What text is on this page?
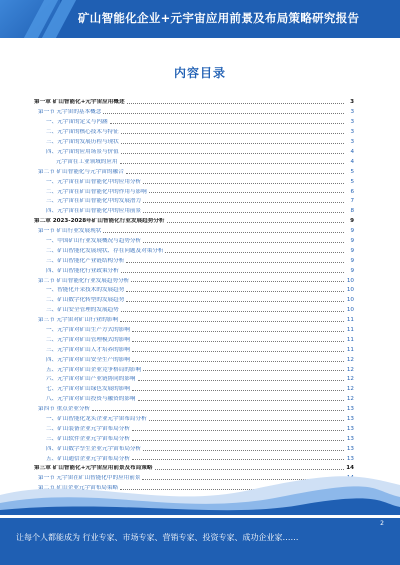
矿山智能化企业+元宇宙应用前景及布局策略研究报告
内容目录
第一章 矿山智能化+元宇宙应用概述	3
第一节 元宇宙的基本概念	3
一、元宇宙的定义与内涵	3
二、元宇宙的核心技术与特征	3
三、元宇宙的发展历程与现状	3
四、元宇宙的应用场景与价值	4
元宇宙在工业领域的应用	4
第二节 矿山智能化与元宇宙的融合	5
一、元宇宙在矿山智能化中的应用分析	5
二、元宇宙在矿山智能化中的作用与影响	6
三、元宇宙在矿山智能化中的发展潜力	7
四、元宇宙在矿山智能化中的应用前景	8
第二章 2023-2028年矿山智能化行业发展趋势分析	9
第一节 矿山行业发展现状	9
一、中国矿山行业发展概况与趋势分析	9
二、矿山智能化发展现状、存在问题及对策分析	9
三、矿山智能化产业链结构分析	9
四、矿山智能化行业政策分析	9
第二节 矿山智能化行业发展趋势分析	10
一、智能化开采技术的发展趋势	10
二、矿山数字化转型的发展趋势	10
三、矿山安全管理的发展趋势	10
第三节 元宇宙对矿山行业的影响	11
一、元宇宙对矿山生产方式的影响	11
二、元宇宙对矿山管理模式的影响	11
三、元宇宙对矿山人才培养的影响	11
四、元宇宙对矿山安全生产的影响	12
五、元宇宙对矿山企业竞争格局的影响	12
六、元宇宙对矿山产业链协同的影响	12
七、元宇宙对矿山绿色发展的影响	12
八、元宇宙对矿山投资与融资的影响	12
第四节 重点企业分析	13
一、矿山智能化龙头企业元宇宙布局分析	13
二、矿山装备企业元宇宙布局分析	13
三、矿山软件企业元宇宙布局分析	13
四、矿山数字孪生企业元宇宙布局分析	13
五、矿山通信企业元宇宙布局分析	13
第三章 矿山智能化+元宇宙应用前景及布局策略	14
第一节 元宇宙在矿山智能化中的应用前景
第二节 矿山企业元宇宙布局策略
2
让每个人都能成为 行业专家、市场专家、营销专家、投资专家、成功企业家……
